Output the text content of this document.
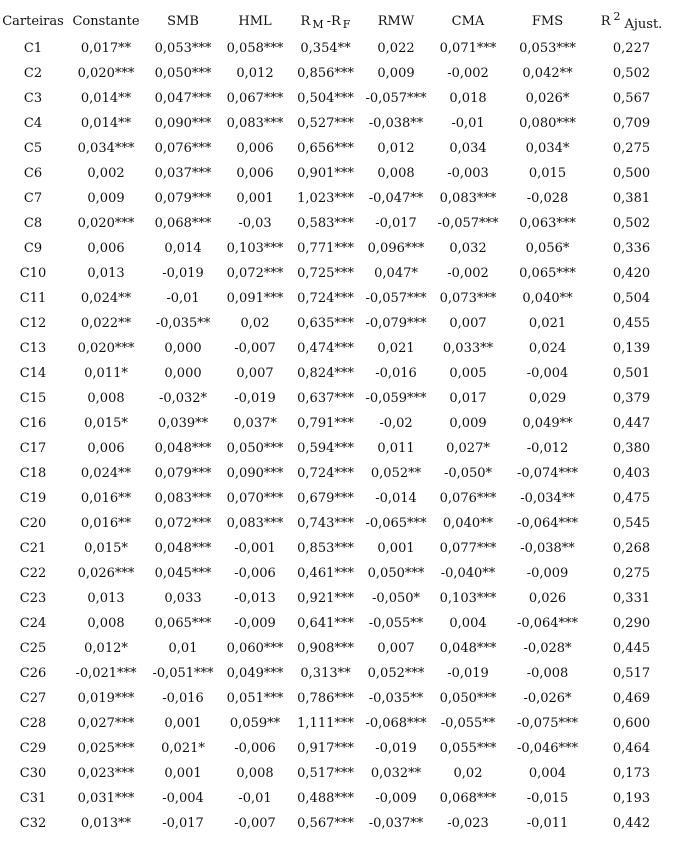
Carteiras	Constante	SMB	HML	R $_M$ -R $_F$	RMW	CMA	FMS	R $^2$Ajust.
C1	0,017**	0,053***	0,058***	0,354**	0,022	0,071***	0,053***	0,227
C2	0,020***	0,050***	0,012	0,856***	0,009	-0,002	0,042**	0,502
C3	0,014**	0,047***	0,067***	0,504***	-0,057***	0,018	0,026*	0,567
C4	0,014**	0,090***	0,083***	0,527***	-0,038**	-0,01	0,080***	0,709
C5	0,034***	0,076***	0,006	0,656***	0,012	0,034	0,034*	0,275
C6	0,002	0,037***	0,006	0,901***	0,008	-0,003	0,015	0,500
C7	0,009	0,079***	0,001	1,023***	-0,047**	0,083***	-0,028	0,381
C8	0,020***	0,068***	-0,03	0,583***	-0,017	-0,057***	0,063***	0,502
C9	0,006	0,014	0,103***	0,771***	0,096***	0,032	0,056*	0,336
C10	0,013	-0,019	0,072***	0,725***	0,047*	-0,002	0,065***	0,420
C11	0,024**	-0,01	0,091***	0,724***	-0,057***	0,073***	0,040**	0,504
C12	0,022**	-0,035**	0,02	0,635***	-0,079***	0,007	0,021	0,455
C13	0,020***	0,000	-0,007	0,474***	0,021	0,033**	0,024	0,139
C14	0,011*	0,000	0,007	0,824***	-0,016	0,005	-0,004	0,501
C15	0,008	-0,032*	-0,019	0,637***	-0,059***	0,017	0,029	0,379
C16	0,015*	0,039**	0,037*	0,791***	-0,02	0,009	0,049**	0,447
C17	0,006	0,048***	0,050***	0,594***	0,011	0,027*	-0,012	0,380
C18	0,024**	0,079***	0,090***	0,724***	0,052**	-0,050*	-0,074***	0,403
C19	0,016**	0,083***	0,070***	0,679***	-0,014	0,076***	-0,034**	0,475
C20	0,016**	0,072***	0,083***	0,743***	-0,065***	0,040**	-0,064***	0,545
C21	0,015*	0,048***	-0,001	0,853***	0,001	0,077***	-0,038**	0,268
C22	0,026***	0,045***	-0,006	0,461***	0,050***	-0,040**	-0,009	0,275
C23	0,013	0,033	-0,013	0,921***	-0,050*	0,103***	0,026	0,331
C24	0,008	0,065***	-0,009	0,641***	-0,055**	0,004	-0,064***	0,290
C25	0,012*	0,01	0,060***	0,908***	0,007	0,048***	-0,028*	0,445
C26	-0,021***	-0,051***	0,049***	0,313**	0,052***	-0,019	-0,008	0,517
C27	0,019***	-0,016	0,051***	0,786***	-0,035**	0,050***	-0,026*	0,469
C28	0,027***	0,001	0,059**	1,111***	-0,068***	-0,055**	-0,075***	0,600
C29	0,025***	0,021*	-0,006	0,917***	-0,019	0,055***	-0,046***	0,464
C30	0,023***	0,001	0,008	0,517***	0,032**	0,02	0,004	0,173
C31	0,031***	-0,004	-0,01	0,488***	-0,009	0,068***	-0,015	0,193
C32	0,013**	-0,017	-0,007	0,567***	-0,037**	-0,023	-0,011	0,442
